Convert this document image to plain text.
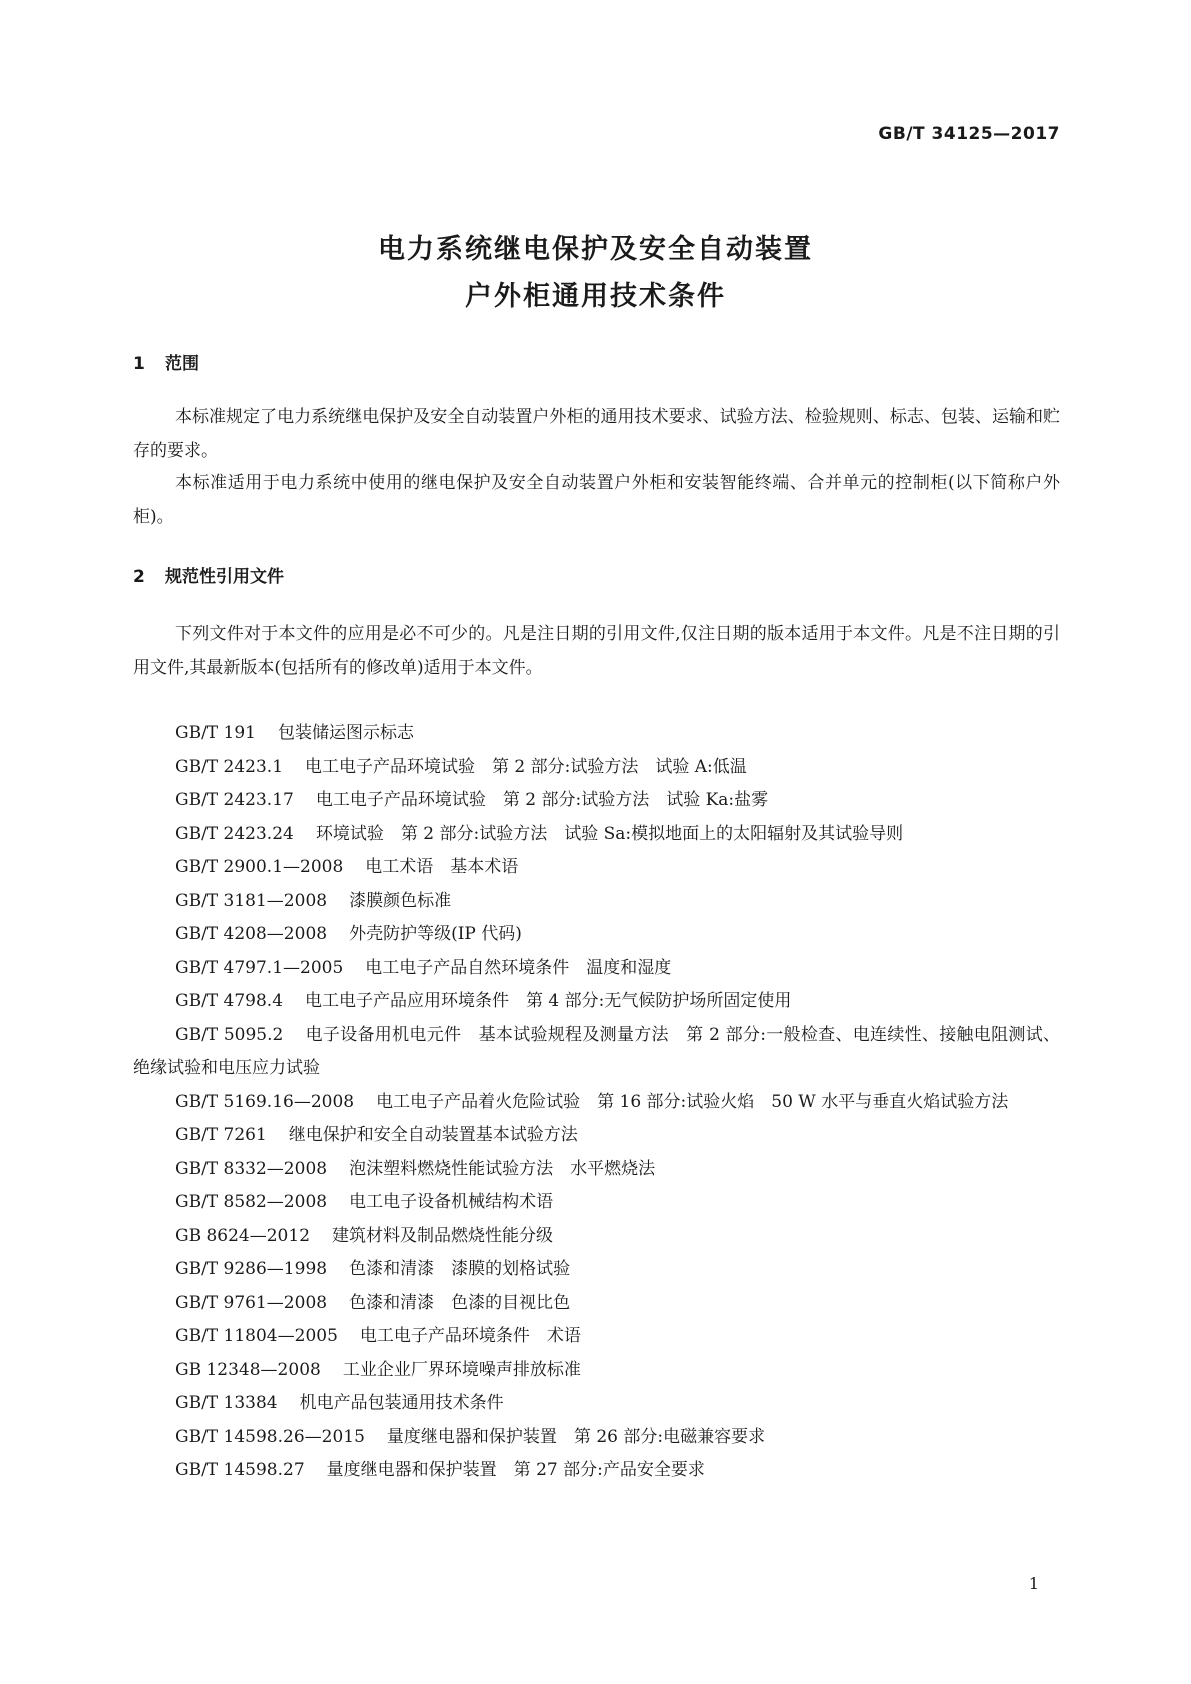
GB/T 34125—2017
电力系统继电保护及安全自动装置
户外柜通用技术条件
1 范围
本标准规定了电力系统继电保护及安全自动装置户外柜的通用技术要求、试验方法、检验规则、标志、包装、运输和贮存的要求。
本标准适用于电力系统中使用的继电保护及安全自动装置户外柜和安装智能终端、合并单元的控制柜(以下简称户外柜)。
2 规范性引用文件
下列文件对于本文件的应用是必不可少的。凡是注日期的引用文件,仅注日期的版本适用于本文件。凡是不注日期的引用文件,其最新版本(包括所有的修改单)适用于本文件。
GB/T 191 包装储运图示标志
GB/T 2423.1 电工电子产品环境试验　第 2 部分:试验方法　试验 A:低温
GB/T 2423.17 电工电子产品环境试验　第 2 部分:试验方法　试验 Ka:盐雾
GB/T 2423.24 环境试验　第 2 部分:试验方法　试验 Sa:模拟地面上的太阳辐射及其试验导则
GB/T 2900.1—2008 电工术语　基本术语
GB/T 3181—2008 漆膜颜色标准
GB/T 4208—2008 外壳防护等级(IP 代码)
GB/T 4797.1—2005 电工电子产品自然环境条件　温度和湿度
GB/T 4798.4 电工电子产品应用环境条件　第 4 部分:无气候防护场所固定使用
GB/T 5095.2 电子设备用机电元件　基本试验规程及测量方法　第 2 部分:一般检查、电连续性、接触电阻测试、绝缘试验和电压应力试验
GB/T 5169.16—2008 电工电子产品着火危险试验　第 16 部分:试验火焰　50 W 水平与垂直火焰试验方法
GB/T 7261 继电保护和安全自动装置基本试验方法
GB/T 8332—2008 泡沫塑料燃烧性能试验方法　水平燃烧法
GB/T 8582—2008 电工电子设备机械结构术语
GB 8624—2012 建筑材料及制品燃烧性能分级
GB/T 9286—1998 色漆和清漆　漆膜的划格试验
GB/T 9761—2008 色漆和清漆　色漆的目视比色
GB/T 11804—2005 电工电子产品环境条件　术语
GB 12348—2008 工业企业厂界环境噪声排放标准
GB/T 13384 机电产品包装通用技术条件
GB/T 14598.26—2015 量度继电器和保护装置　第 26 部分:电磁兼容要求
GB/T 14598.27 量度继电器和保护装置　第 27 部分:产品安全要求
1
